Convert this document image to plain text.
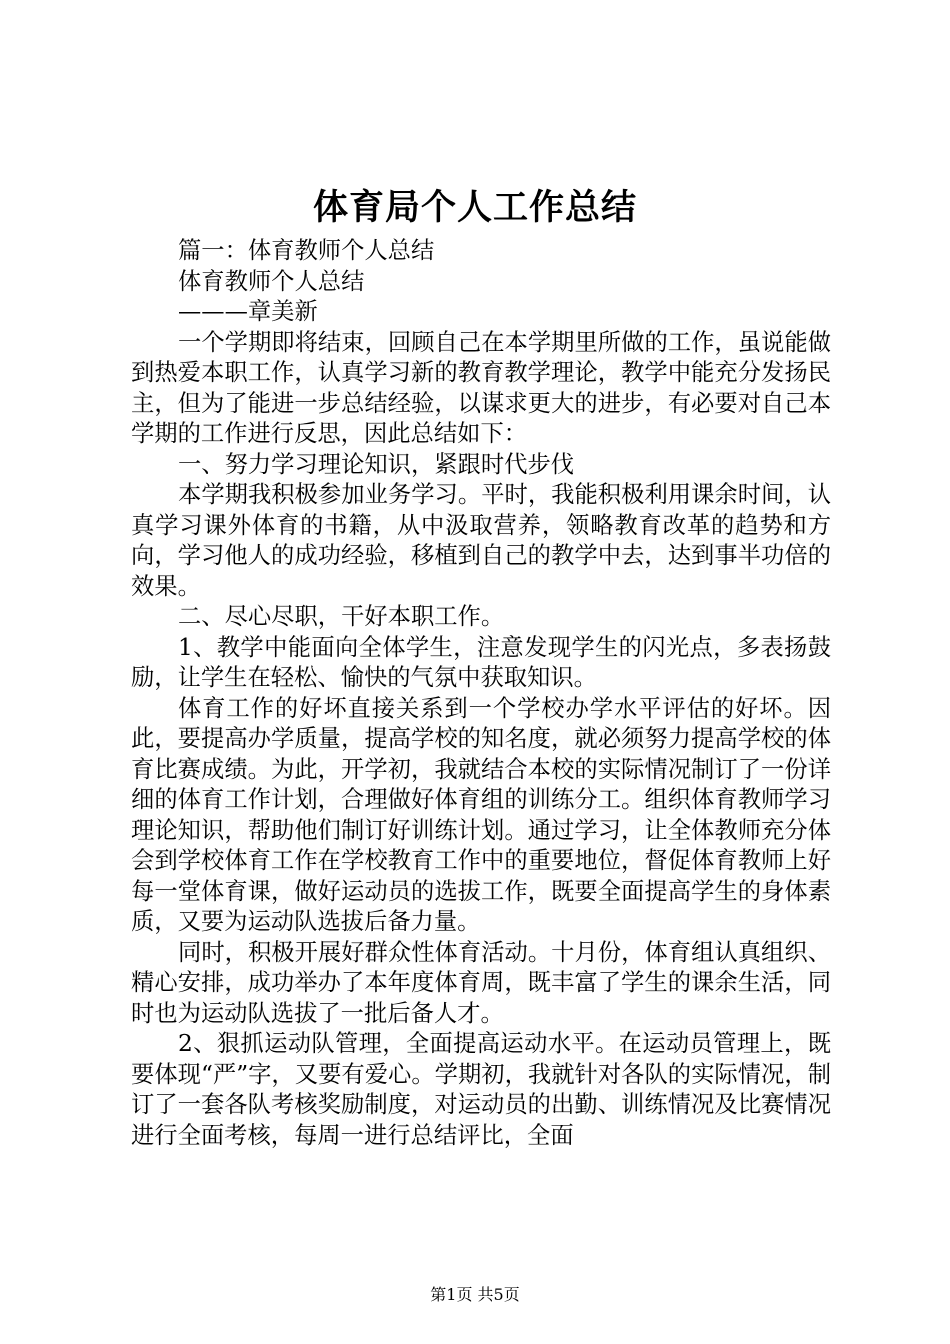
体育局个人工作总结

篇一：体育教师个人总结

体育教师个人总结

———章美新

一个学期即将结束，回顾自己在本学期里所做的工作，虽说能做到热爱本职工作，认真学习新的教育教学理论，教学中能充分发扬民主，但为了能进一步总结经验，以谋求更大的进步，有必要对自己本学期的工作进行反思，因此总结如下：

一、努力学习理论知识，紧跟时代步伐

本学期我积极参加业务学习。平时，我能积极利用课余时间，认真学习课外体育的书籍，从中汲取营养，领略教育改革的趋势和方向，学习他人的成功经验，移植到自己的教学中去，达到事半功倍的效果。

二、尽心尽职，干好本职工作。

1、教学中能面向全体学生，注意发现学生的闪光点，多表扬鼓励，让学生在轻松、愉快的气氛中获取知识。

体育工作的好坏直接关系到一个学校办学水平评估的好坏。因此，要提高办学质量，提高学校的知名度，就必须努力提高学校的体育比赛成绩。为此，开学初，我就结合本校的实际情况制订了一份详细的体育工作计划，合理做好体育组的训练分工。组织体育教师学习理论知识，帮助他们制订好训练计划。通过学习，让全体教师充分体会到学校体育工作在学校教育工作中的重要地位，督促体育教师上好每一堂体育课，做好运动员的选拔工作，既要全面提高学生的身体素质，又要为运动队选拔后备力量。

同时，积极开展好群众性体育活动。十月份，体育组认真组织、精心安排，成功举办了本年度体育周，既丰富了学生的课余生活，同时也为运动队选拔了一批后备人才。

2、狠抓运动队管理，全面提高运动水平。在运动员管理上，既要体现“严”字，又要有爱心。学期初，我就针对各队的实际情况，制订了一套各队考核奖励制度，对运动员的出勤、训练情况及比赛情况进行全面考核，每周一进行总结评比，全面

第1页 共5页
